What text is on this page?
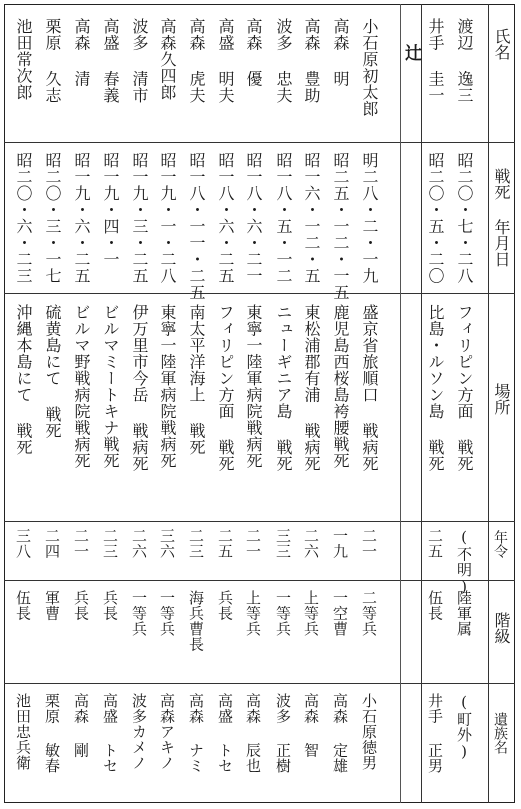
氏名
戦死 年月日
場所
年令
階級
遺族名
辻 渡辺 逸三
昭二〇・七・二八
フィリピン方面 戦死
(不明)
陸軍属
(町外)
井手 圭一
昭二〇・五・二〇
比島・ルソン島 戦死
二五
伍長
井手 正男
小石原初太郎
明二八・二・一九
盛京省旅順口 戦病死
二一
二等兵
小石原徳男
高森 明
昭二五・一二・一五
鹿児島西桜島袴腰戦死
一九
一空曹
高森 定雄
高森 豊助
昭一六・一二・五
東松浦郡有浦 戦病死
二六
上等兵
高森 智
波多 忠夫
昭一八・五・一二
ニューギニア島 戦死
三三
一等兵
波多 正樹
高森 優
昭一八・六・二一
東寧一陸軍病院戦病死
二一
上等兵
高森 辰也
高盛 明夫
昭一八・六・二五
フィリピン方面 戦死
二五
兵長
高盛 トセ
高森 虎夫
昭一八・一一・二五
南太平洋海上 戦死
二三
海兵曹長
高森 ナミ
高森久四郎
昭一九・一・二八
東寧一陸軍病院戦病死
三六
一等兵
高森アキノ
波多 清市
昭一九・三・二五
伊万里市今岳 戦病死
二六
一等兵
波多カメノ
高盛 春義
昭一九・四・一
ビルマミートキナ戦死
二三
兵長
高盛 トセ
高森 清
昭一九・六・二五
ビルマ野戦病院戦病死
二一
兵長
高森 剛
栗原 久志
昭二〇・三・一七
硫黄島にて 戦死
二四
軍曹
栗原 敏春
池田常次郎
昭二〇・六・二三
沖縄本島にて 戦死
三八
伍長
池田忠兵衛
